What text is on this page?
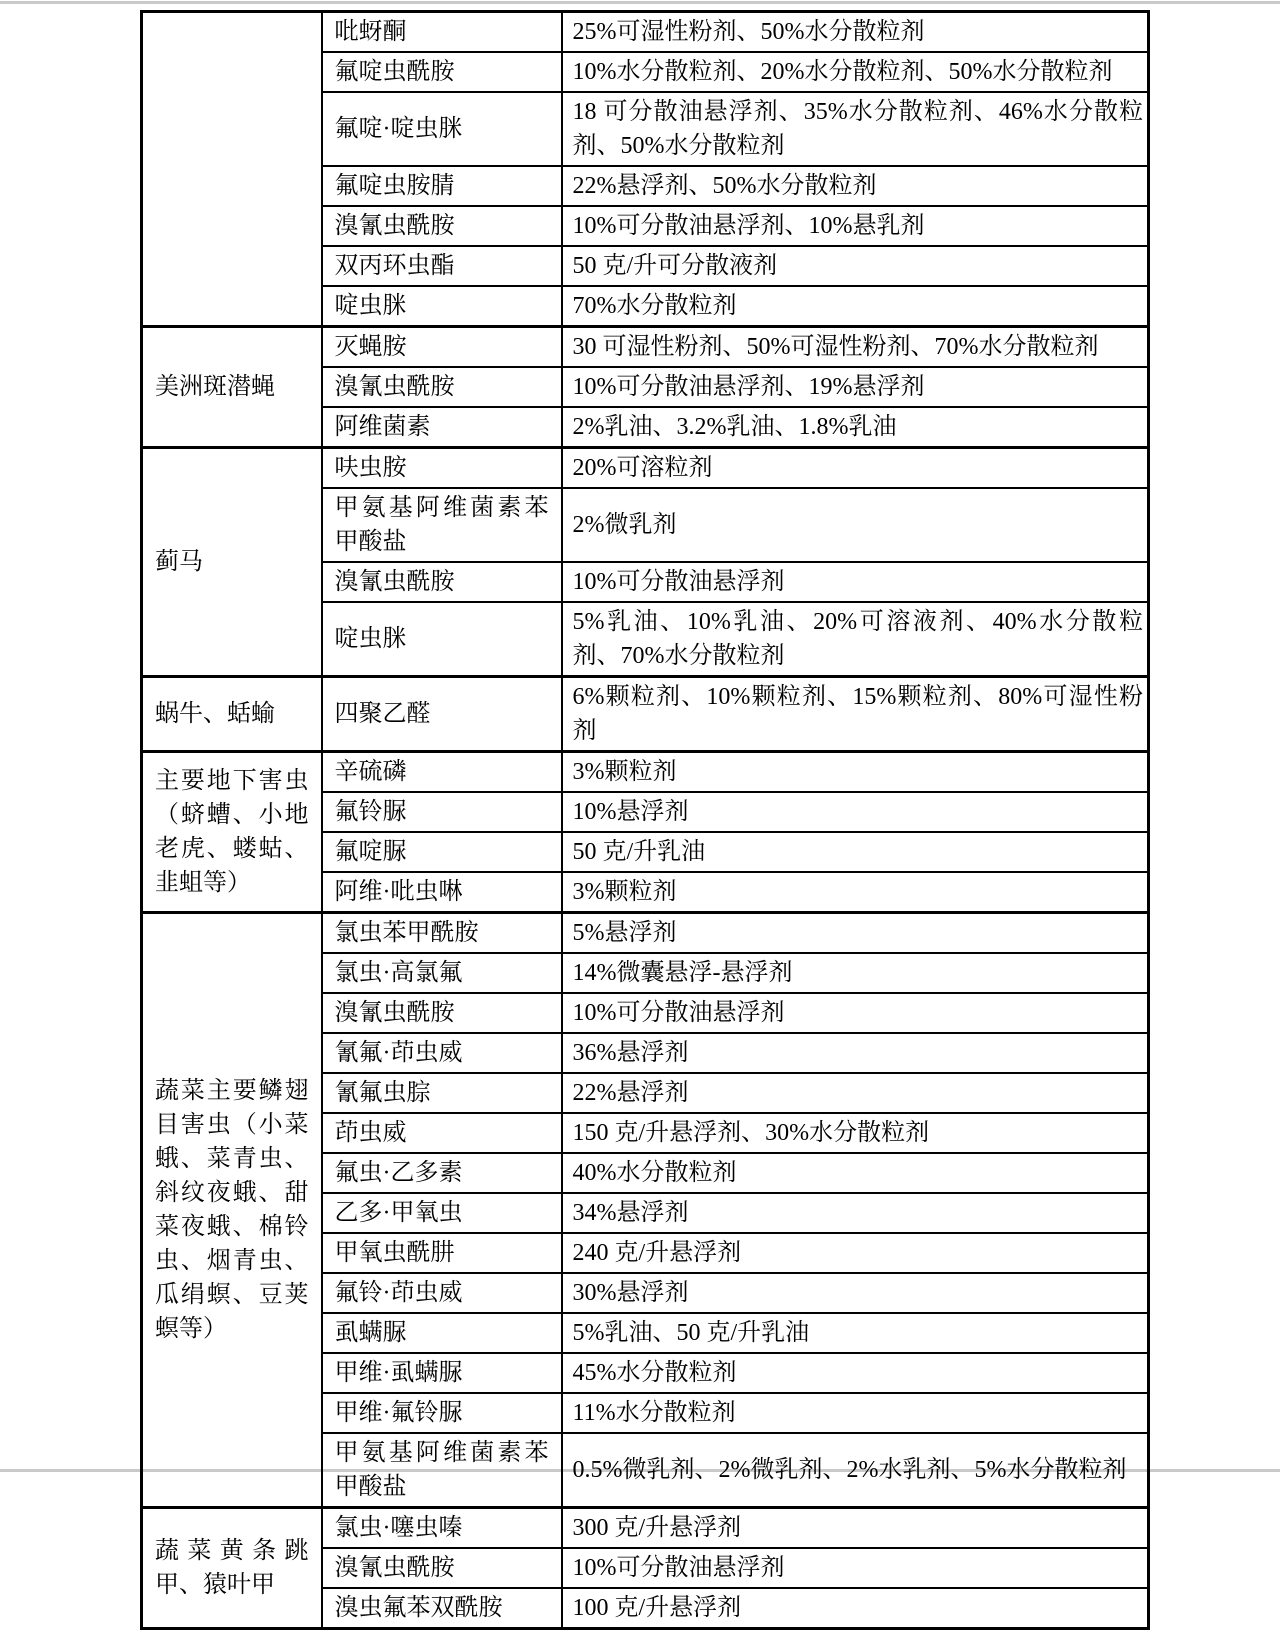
	吡蚜酮	25%可湿性粉剂、50%水分散粒剂
	氟啶虫酰胺	10%水分散粒剂、20%水分散粒剂、50%水分散粒剂
	氟啶·啶虫脒	18 可分散油悬浮剂、35%水分散粒剂、46%水分散粒剂、50%水分散粒剂
	氟啶虫胺腈	22%悬浮剂、50%水分散粒剂
	溴氰虫酰胺	10%可分散油悬浮剂、10%悬乳剂
	双丙环虫酯	50 克/升可分散液剂
	啶虫脒	70%水分散粒剂
美洲斑潜蝇	灭蝇胺	30 可湿性粉剂、50%可湿性粉剂、70%水分散粒剂
	溴氰虫酰胺	10%可分散油悬浮剂、19%悬浮剂
	阿维菌素	2%乳油、3.2%乳油、1.8%乳油
蓟马	呋虫胺	20%可溶粒剂
	甲氨基阿维菌素苯甲酸盐	2%微乳剂
	溴氰虫酰胺	10%可分散油悬浮剂
	啶虫脒	5%乳油、10%乳油、20%可溶液剂、40%水分散粒剂、70%水分散粒剂
蜗牛、蛞蝓	四聚乙醛	6%颗粒剂、10%颗粒剂、15%颗粒剂、80%可湿性粉剂
主要地下害虫（蛴螬、小地老虎、蝼蛄、韭蛆等）	辛硫磷	3%颗粒剂
	氟铃脲	10%悬浮剂
	氟啶脲	50 克/升乳油
	阿维·吡虫啉	3%颗粒剂
蔬菜主要鳞翅目害虫（小菜蛾、菜青虫、斜纹夜蛾、甜菜夜蛾、棉铃虫、烟青虫、瓜绢螟、豆荚螟等）	氯虫苯甲酰胺	5%悬浮剂
	氯虫·高氯氟	14%微囊悬浮-悬浮剂
	溴氰虫酰胺	10%可分散油悬浮剂
	氰氟·茚虫威	36%悬浮剂
	氰氟虫腙	22%悬浮剂
	茚虫威	150 克/升悬浮剂、30%水分散粒剂
	氟虫·乙多素	40%水分散粒剂
	乙多·甲氧虫	34%悬浮剂
	甲氧虫酰肼	240 克/升悬浮剂
	氟铃·茚虫威	30%悬浮剂
	虱螨脲	5%乳油、50 克/升乳油
	甲维·虱螨脲	45%水分散粒剂
	甲维·氟铃脲	11%水分散粒剂
	甲氨基阿维菌素苯甲酸盐	0.5%微乳剂、2%微乳剂、2%水乳剂、5%水分散粒剂
蔬菜黄条跳甲、猿叶甲	氯虫·噻虫嗪	300 克/升悬浮剂
	溴氰虫酰胺	10%可分散油悬浮剂
	溴虫氟苯双酰胺	100 克/升悬浮剂
